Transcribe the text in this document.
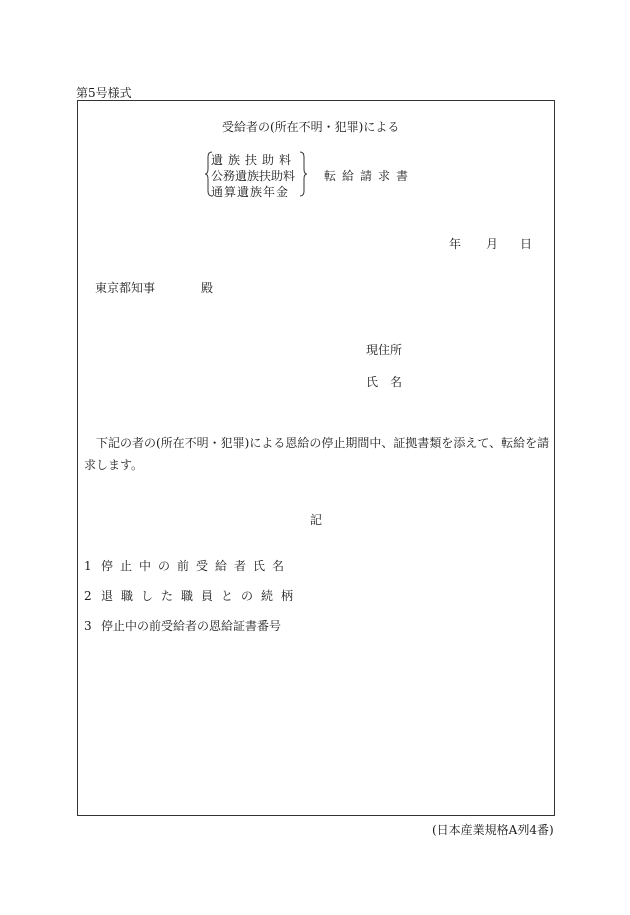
第5号様式
受給者の(所在不明・犯罪)による
遺族扶助料
公務遺族扶助料
通算遺族年金
転給請求書
年 月 日
東京都知事	殿
現住所
氏名
下記の者の(所在不明・犯罪)による恩給の停止期間中、証拠書類を添えて、転給を請求します。
記
1 停止中の前受給者氏名
2 退職した職員との続柄
3 停止中の前受給者の恩給証書番号
(日本産業規格A列4番)
